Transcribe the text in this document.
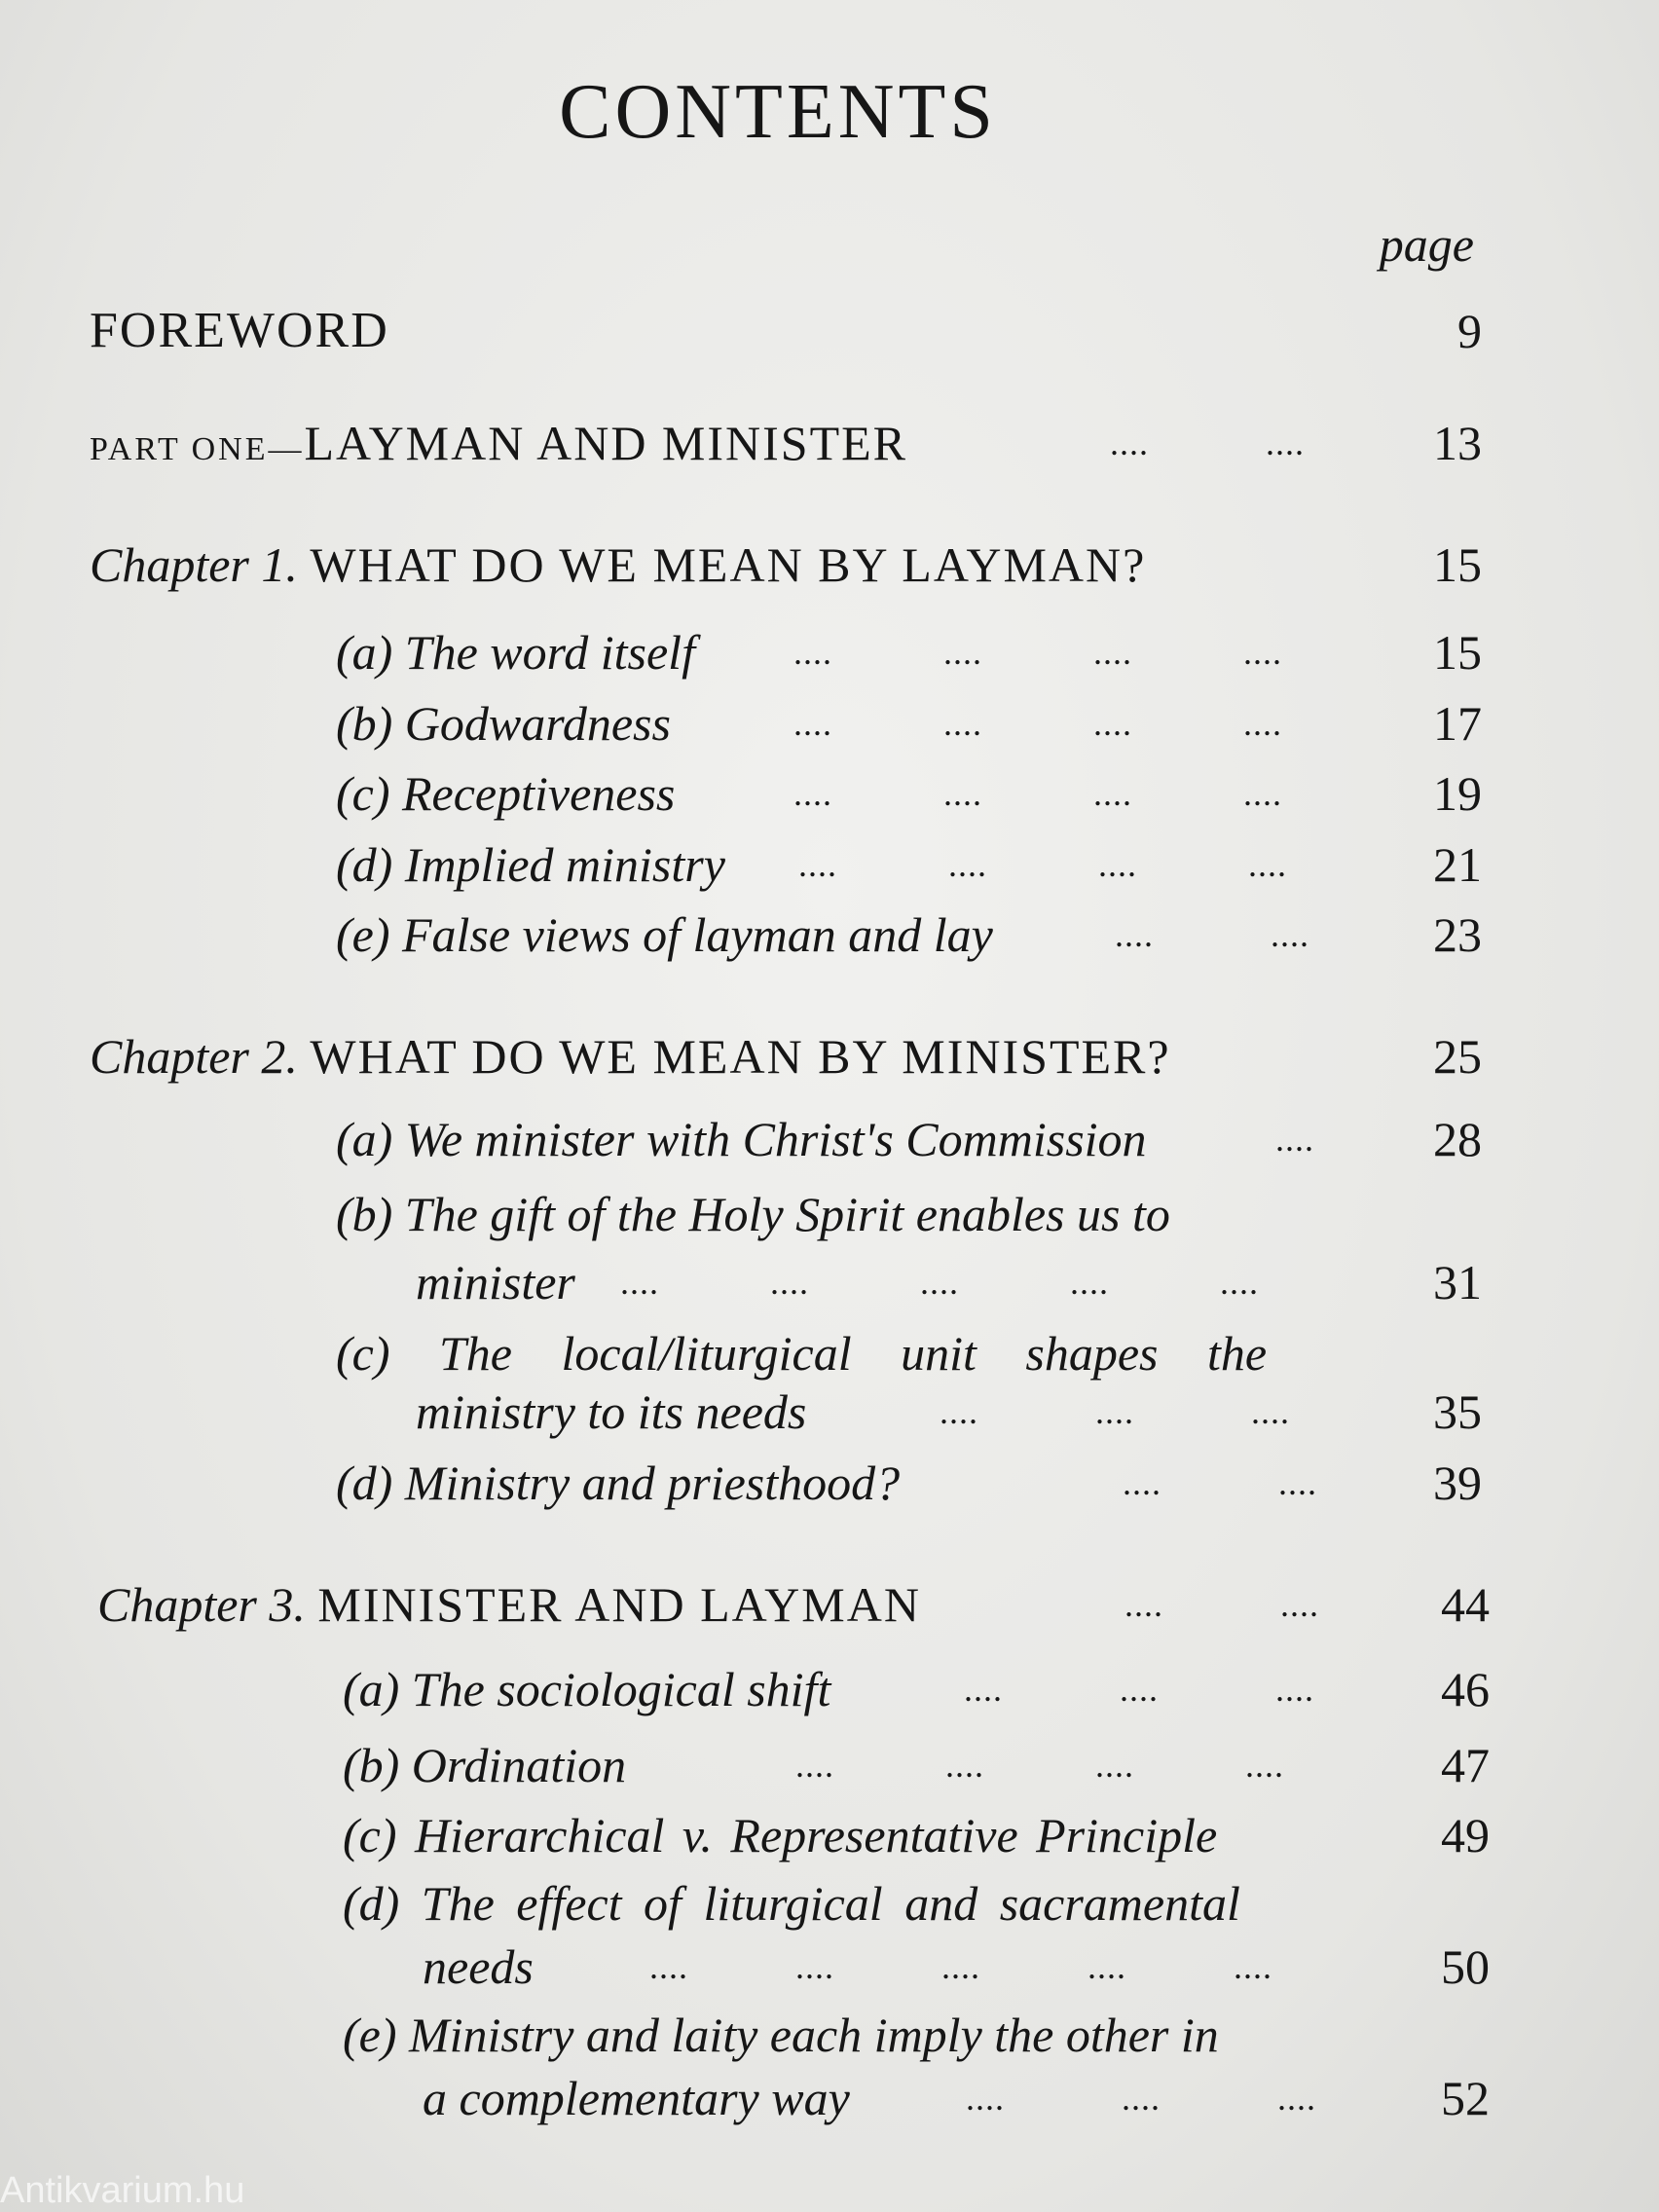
CONTENTS
page
FOREWORD	9
PART ONE—LAYMAN AND MINISTER	.... ....	13
Chapter 1. WHAT DO WE MEAN BY LAYMAN?	15
(a) The word itself	.... .... .... ....	15
(b) Godwardness	.... .... .... ....	17
(c) Receptiveness	.... .... .... ....	19
(d) Implied ministry .... .... .... ....	21
(e) False views of layman and lay	.... ....	23
Chapter 2. WHAT DO WE MEAN BY MINISTER?	25
(a) We minister with Christ's Commission	....	28
(b) The gift of the Holy Spirit enables us to
minister .... .... .... .... ....	31
(c) The local/liturgical unit shapes the
ministry to its needs	.... .... ....	35
(d) Ministry and priesthood?	.... ....	39
Chapter 3. MINISTER AND LAYMAN	.... ....	44
(a) The sociological shift	.... .... ....	46
(b) Ordination	.... .... .... ....	47
(c) Hierarchical v. Representative Principle	49
(d) The effect of liturgical and sacramental
needs	.... .... .... .... ....	50
(e) Ministry and laity each imply the other in
a complementary way	.... .... ....	52
Antikvarium.hu
